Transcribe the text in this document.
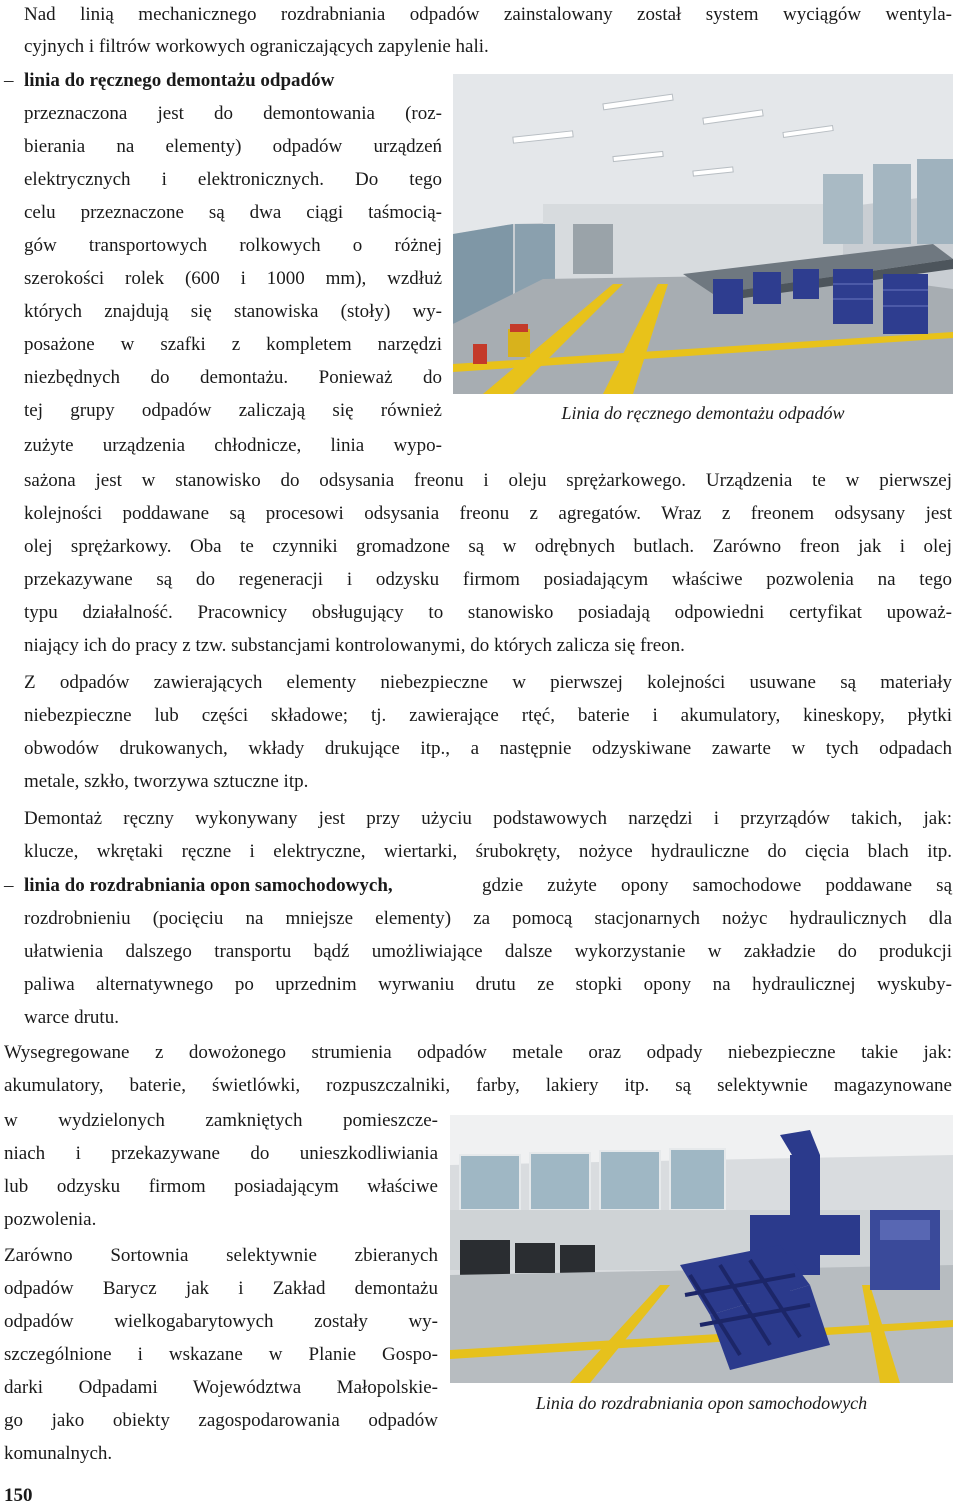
Nad linią mechanicznego rozdrabniania odpadów zainstalowany został system wyciągów wentyla-
cyjnych i filtrów workowych ograniczających zapylenie hali.
– linia do ręcznego demontażu odpadów
przeznaczona jest do demontowania (roz-
bierania na elementy) odpadów urządzeń
elektrycznych i elektronicznych. Do tego
celu przeznaczone są dwa ciągi taśmocią-
gów transportowych rolkowych o różnej
szerokości rolek (600 i 1000 mm), wzdłuż
których znajdują się stanowiska (stoły) wy-
posażone w szafki z kompletem narzędzi
niezbędnych do demontażu. Ponieważ do
tej grupy odpadów zaliczają się również
zużyte urządzenia chłodnicze, linia wypo-
Linia do ręcznego demontażu odpadów
sażona jest w stanowisko do odsysania freonu i oleju sprężarkowego. Urządzenia te w pierwszej
kolejności poddawane są procesowi odsysania freonu z agregatów. Wraz z freonem odsysany jest
olej sprężarkowy. Oba te czynniki gromadzone są w odrębnych butlach. Zarówno freon jak i olej
przekazywane są do regeneracji i odzysku firmom posiadającym właściwe pozwolenia na tego
typu działalność. Pracownicy obsługujący to stanowisko posiadają odpowiedni certyfikat upoważ-
niający ich do pracy z tzw. substancjami kontrolowanymi, do których zalicza się freon.
Z odpadów zawierających elementy niebezpieczne w pierwszej kolejności usuwane są materiały
niebezpieczne lub części składowe; tj. zawierające rtęć, baterie i akumulatory, kineskopy, płytki
obwodów drukowanych, wkłady drukujące itp., a następnie odzyskiwane zawarte w tych odpadach
metale, szkło, tworzywa sztuczne itp.
Demontaż ręczny wykonywany jest przy użyciu podstawowych narzędzi i przyrządów takich, jak:
klucze, wkrętaki ręczne i elektryczne, wiertarki, śrubokręty, nożyce hydrauliczne do cięcia blach itp.
– linia do rozdrabniania opon samochodowych,	gdzie zużyte opony samochodowe poddawane są
rozdrobnieniu (pocięciu na mniejsze elementy) za pomocą stacjonarnych nożyc hydraulicznych dla
ułatwienia dalszego transportu bądź umożliwiające dalsze wykorzystanie w zakładzie do produkcji
paliwa alternatywnego po uprzednim wyrwaniu drutu ze stopki opony na hydraulicznej wyskuby-
warce drutu.
Wysegregowane z dowożonego strumienia odpadów metale oraz odpady niebezpieczne takie jak:
akumulatory, baterie, świetlówki, rozpuszczalniki, farby, lakiery itp. są selektywnie magazynowane
w wydzielonych zamkniętych pomieszcze-
niach i przekazywane do unieszkodliwiania
lub odzysku firmom posiadającym właściwe
pozwolenia.
Zarówno Sortownia selektywnie zbieranych
odpadów Barycz jak i Zakład demontażu
odpadów wielkogabarytowych zostały wy-
szczególnione i wskazane w Planie Gospo-
darki Odpadami Województwa Małopolskie-
go jako obiekty zagospodarowania odpadów
komunalnych.
Linia do rozdrabniania opon samochodowych
150
